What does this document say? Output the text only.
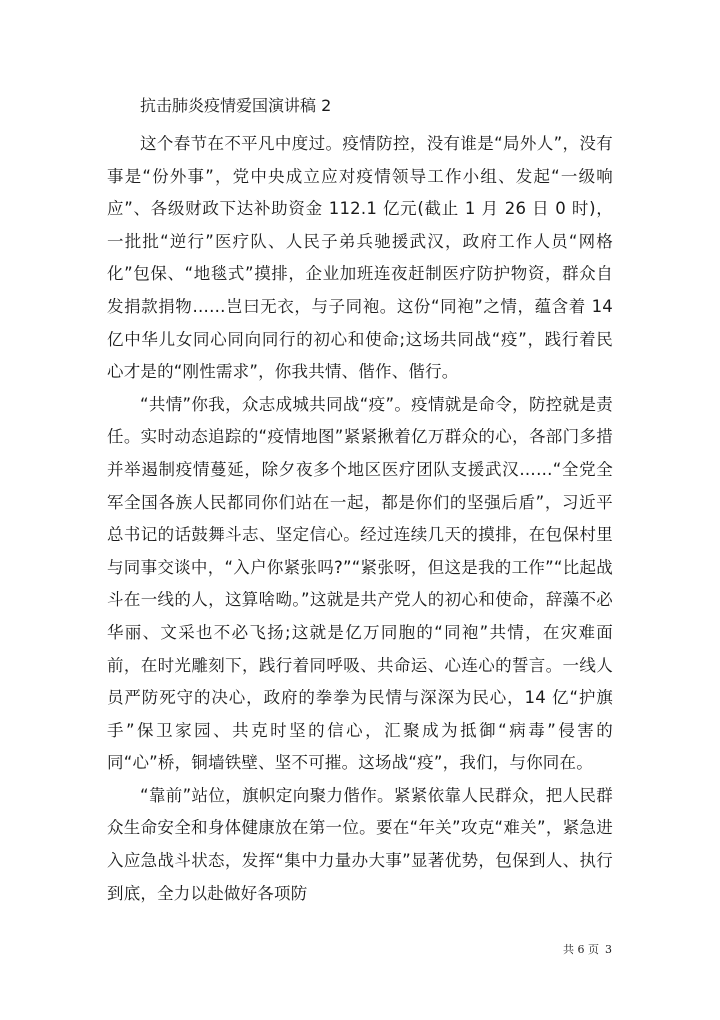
抗击肺炎疫情爱国演讲稿 2

这个春节在不平凡中度过。疫情防控，没有谁是“局外人”，没有事是“份外事”，党中央成立应对疫情领导工作小组、发起“一级响应”、各级财政下达补助资金 112.1 亿元(截止 1 月 26 日 0 时)，一批批“逆行”医疗队、人民子弟兵驰援武汉，政府工作人员“网格化”包保、“地毯式”摸排，企业加班连夜赶制医疗防护物资，群众自发捐款捐物……岂曰无衣，与子同袍。这份“同袍”之情，蕴含着 14 亿中华儿女同心同向同行的初心和使命;这场共同战“疫”，践行着民心才是的“刚性需求”，你我共情、偕作、偕行。

“共情”你我，众志成城共同战“疫”。疫情就是命令，防控就是责任。实时动态追踪的“疫情地图”紧紧揪着亿万群众的心，各部门多措并举遏制疫情蔓延，除夕夜多个地区医疗团队支援武汉……“全党全军全国各族人民都同你们站在一起，都是你们的坚强后盾”，习近平总书记的话鼓舞斗志、坚定信心。经过连续几天的摸排，在包保村里与同事交谈中，“入户你紧张吗?”“紧张呀，但这是我的工作”“比起战斗在一线的人，这算啥呦。”这就是共产党人的初心和使命，辞藻不必华丽、文采也不必飞扬;这就是亿万同胞的“同袍”共情，在灾难面前，在时光雕刻下，践行着同呼吸、共命运、心连心的誓言。一线人员严防死守的决心，政府的拳拳为民情与深深为民心，14 亿“护旗手”保卫家园、共克时坚的信心，汇聚成为抵御“病毒”侵害的同“心”桥，铜墙铁壁、坚不可摧。这场战“疫”，我们，与你同在。

“靠前”站位，旗帜定向聚力偕作。紧紧依靠人民群众，把人民群众生命安全和身体健康放在第一位。要在“年关”攻克“难关”，紧急进入应急战斗状态，发挥“集中力量办大事”显著优势，包保到人、执行到底，全力以赴做好各项防

共 6 页 3
